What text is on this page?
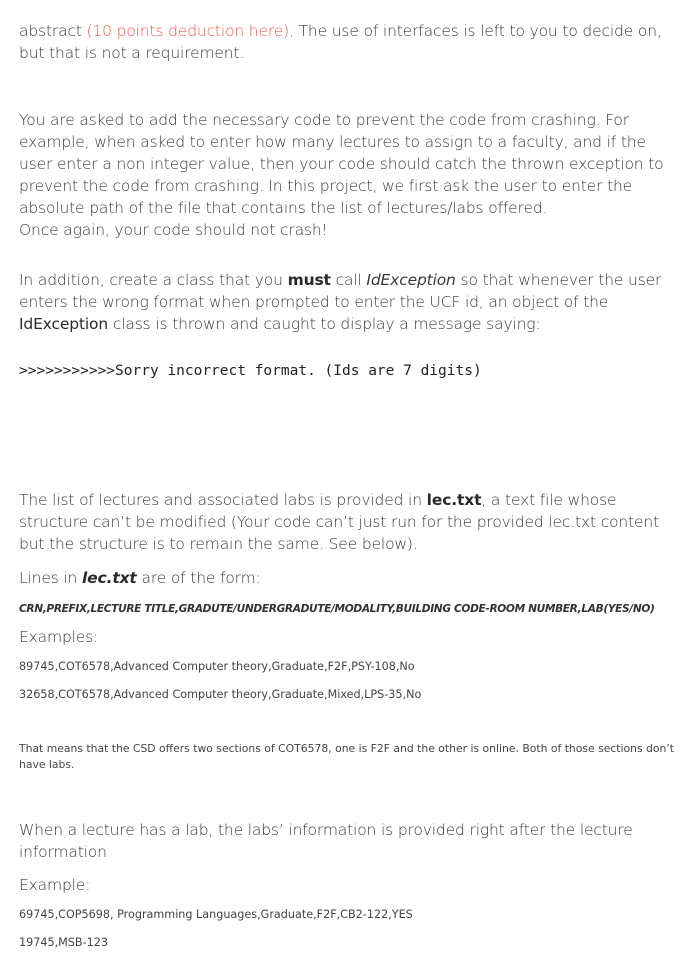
abstract (10 points deduction here). The use of interfaces is left to you to decide on, but that is not a requirement.

You are asked to add the necessary code to prevent the code from crashing. For example, when asked to enter how many lectures to assign to a faculty, and if the user enter a non integer value, then your code should catch the thrown exception to prevent the code from crashing. In this project, we first ask the user to enter the absolute path of the file that contains the list of lectures/labs offered.
Once again, your code should not crash!

In addition, create a class that you must call IdException so that whenever the user enters the wrong format when prompted to enter the UCF id, an object of the IdException class is thrown and caught to display a message saying:

>>>>>>>>>>>Sorry incorrect format. (Ids are 7 digits)

The list of lectures and associated labs is provided in lec.txt, a text file whose structure can’t be modified (Your code can’t just run for the provided lec.txt content but the structure is to remain the same. See below).

Lines in lec.txt are of the form:

CRN,PREFIX,LECTURE TITLE,GRADUTE/UNDERGRADUTE/MODALITY,BUILDING CODE-ROOM NUMBER,LAB(YES/NO)

Examples:

89745,COT6578,Advanced Computer theory,Graduate,F2F,PSY-108,No

32658,COT6578,Advanced Computer theory,Graduate,Mixed,LPS-35,No

That means that the CSD offers two sections of COT6578, one is F2F and the other is online. Both of those sections don’t have labs.

When a lecture has a lab, the labs’ information is provided right after the lecture information

Example:

69745,COP5698, Programming Languages,Graduate,F2F,CB2-122,YES

19745,MSB-123
